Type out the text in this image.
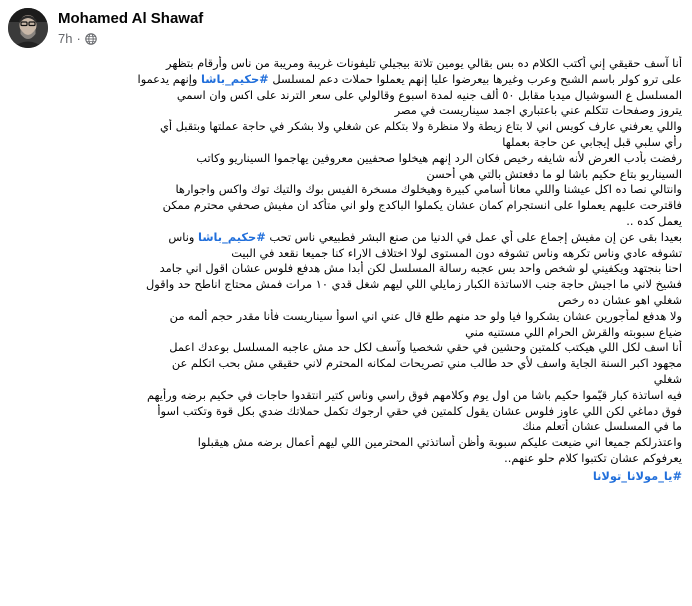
Mohamed Al Shawaf
7h ·
أنا آسف حقيقي إني أكتب الكلام ده بس بقالي يومين تلاتة بيجيلي تليفونات غريبة ومريبة من ناس وأرقام بتظهر
على ترو كولر باسم الشبح وعرب وغيرها بيعرضوا عليا إنهم يعملوا حملات دعم لمسلسل #حكيم_باشا وإنهم يدعموا
المسلسل ع السوشيال ميديا مقابل ٥٠ ألف جنيه لمدة اسبوع وقالولي على سعر الترند على اكس وان اسمي
يتروز وصفحات تتكلم عني باعتباري اجمد سيناريست في مصر
واللي يعرفني عارف كويس اني لا بتاع زيطة ولا منظرة ولا بتكلم عن شغلي ولا بشكر في حاجة عملتها وبتقبل أي
رأي سلبي قبل إيجابي عن حاجة بعملها
رفضت بأدب العرض لأنه شايفه رخيص فكان الرد إنهم هيخلوا صحفيين معروفين يهاجموا السيناريو وكاتب
السيناريو بتاع حكيم باشا لو ما دفعتش بالتي هي أحسن
وانتالي نصا ده اكل عيشنا واللي معانا أسامي كبيرة وهيخلوك مسخرة الفيس بوك والتيك توك واكس واجوارها
فاقترحت عليهم يعملوا على انستجرام كمان عشان يكملوا الباكدج ولو اني متأكد ان مفيش صحفي محترم ممكن
يعمل كده ..
بعيدا بقى عن إن مفيش إجماع على أي عمل في الدنيا من صنع البشر فطبيعي ناس تحب #حكيم_باشا وناس
تشوفه عادي وناس تكرهه وناس تشوفه دون المستوى لولا اختلاف الاراء كنا جميعا نقعد في البيت
احنا بنجتهد ويكفيني لو شخص واحد بس عجبه رسالة المسلسل لكن أبدا مش هدفع فلوس عشان اقول اني جامد
فشيخ لاني ما اجيش حاجة جنب الاساتذة الكبار زمايلي اللي ليهم شغل قدي ١٠ مرات فمش محتاج اناطح حد واقول
شغلي اهو عشان ده رخص
ولا هدفع لمأجورين عشان يشكروا فيا ولو حد منهم طلع قال عني اني اسوأ سيناريست فأنا مقدر حجم ألمه من
ضياع سبوبته والقرش الحرام اللي مستنيه مني
أنا اسف لكل اللي هيكتب كلمتين وحشين في حقي شخصيا وآسف لكل حد مش عاجبه المسلسل بوعدك اعمل
مجهود اكبر السنة الجاية واسف لأي حد طالب مني تصريحات لمكانه المحترم لاني حقيقي مش بحب اتكلم عن
شغلي
فيه اساتذة كبار قيّموا حكيم باشا من اول يوم وكلامهم فوق راسي وناس كتير انتقدوا حاجات في حكيم برضه ورأيهم
فوق دماغي لكن اللي عاوز فلوس عشان يقول كلمتين في حقي ارجوك تكمل حملاتك ضدي بكل قوة وتكتب اسوأ
ما في المسلسل عشان أتعلم منك
واعتذرلكم جميعا اني ضيعت عليكم سبوبة وأظن أساتذتي المحترمين اللي ليهم أعمال برضه مش هيقبلوا
يعرفوكم عشان تكتبوا كلام حلو عنهم..
#يا_مولانا_تولانا
